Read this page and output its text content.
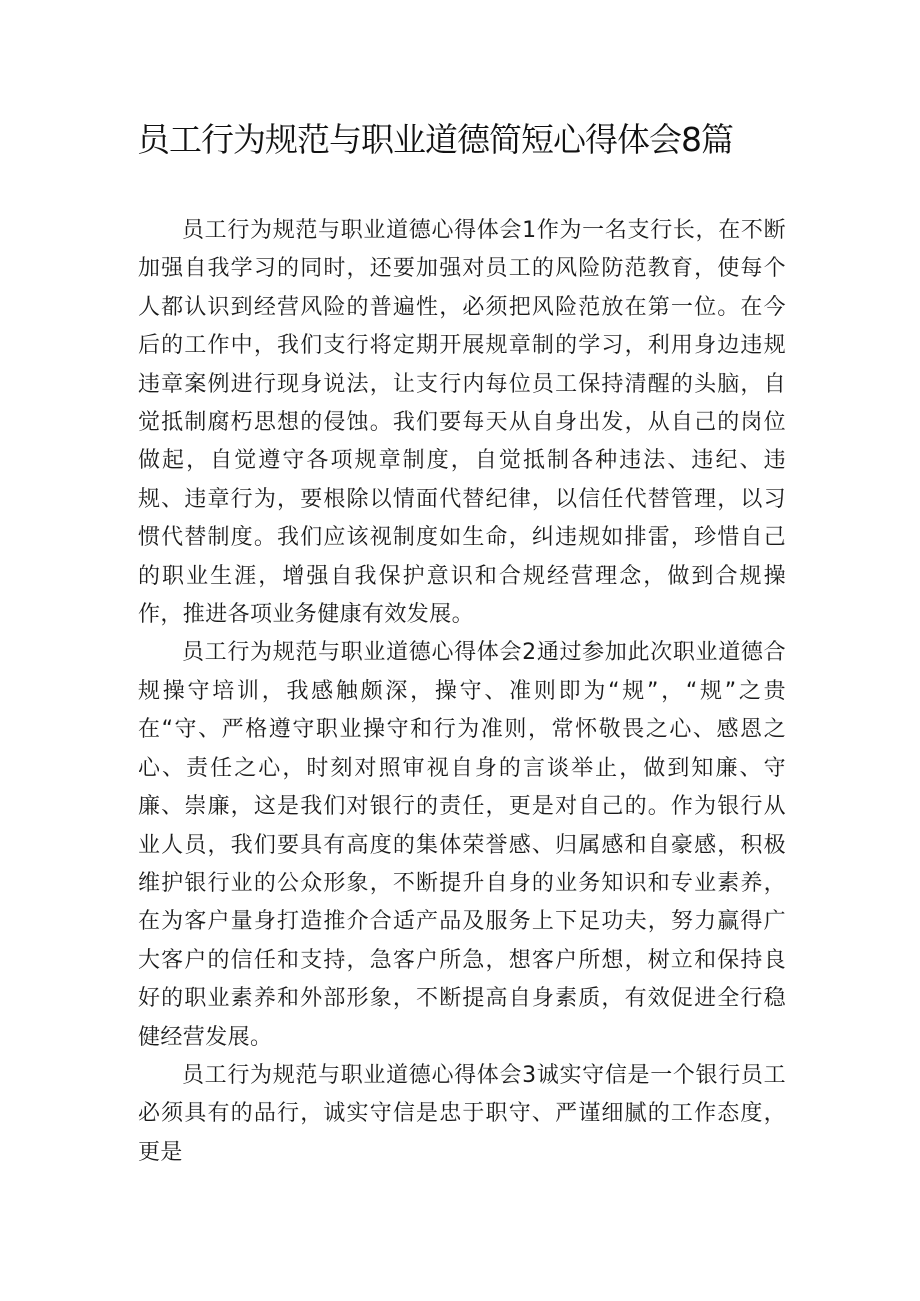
员工行为规范与职业道德简短心得体会8篇

员工行为规范与职业道德心得体会1作为一名支行长，在不断加强自我学习的同时，还要加强对员工的风险防范教育，使每个人都认识到经营风险的普遍性，必须把风险范放在第一位。在今后的工作中，我们支行将定期开展规章制的学习，利用身边违规违章案例进行现身说法，让支行内每位员工保持清醒的头脑，自觉抵制腐朽思想的侵蚀。我们要每天从自身出发，从自己的岗位做起，自觉遵守各项规章制度，自觉抵制各种违法、违纪、违规、违章行为，要根除以情面代替纪律，以信任代替管理，以习惯代替制度。我们应该视制度如生命，纠违规如排雷，珍惜自己的职业生涯，增强自我保护意识和合规经营理念，做到合规操作，推进各项业务健康有效发展。

员工行为规范与职业道德心得体会2通过参加此次职业道德合规操守培训，我感触颇深，操守、准则即为“规”，“规”之贵在“守、严格遵守职业操守和行为准则，常怀敬畏之心、感恩之心、责任之心，时刻对照审视自身的言谈举止，做到知廉、守廉、崇廉，这是我们对银行的责任，更是对自己的。作为银行从业人员，我们要具有高度的集体荣誉感、归属感和自豪感，积极维护银行业的公众形象，不断提升自身的业务知识和专业素养，在为客户量身打造推介合适产品及服务上下足功夫，努力赢得广大客户的信任和支持，急客户所急，想客户所想，树立和保持良好的职业素养和外部形象，不断提高自身素质，有效促进全行稳健经营发展。

员工行为规范与职业道德心得体会3诚实守信是一个银行员工必须具有的品行，诚实守信是忠于职守、严谨细腻的工作态度，更是
